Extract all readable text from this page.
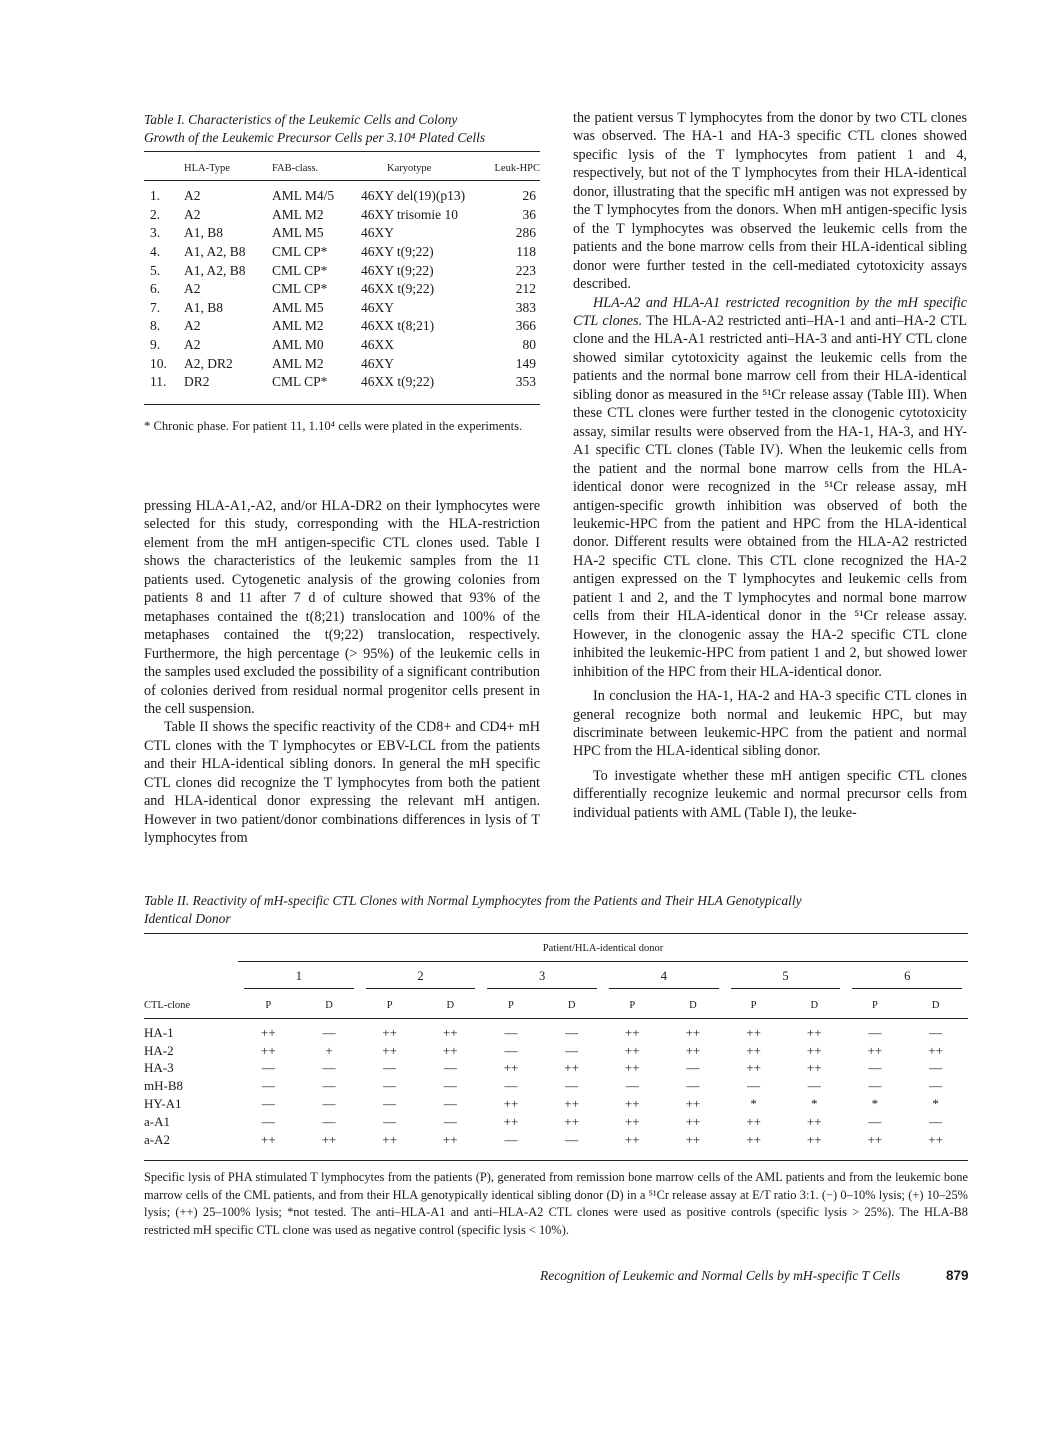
Table I. Characteristics of the Leukemic Cells and Colony
Growth of the Leukemic Precursor Cells per 3.10⁴ Plated Cells
	HLA-Type	FAB-class.	Karyotype	Leuk-HPC

1.	A2	AML M4/5	46XY del(19)(p13)	26
2.	A2	AML M2	46XY trisomie 10	36
3.	A1, B8	AML M5	46XY	286
4.	A1, A2, B8	CML CP*	46XY t(9;22)	118
5.	A1, A2, B8	CML CP*	46XY t(9;22)	223
6.	A2	CML CP*	46XX t(9;22)	212
7.	A1, B8	AML M5	46XY	383
8.	A2	AML M2	46XX t(8;21)	366
9.	A2	AML M0	46XX	80
10.	A2, DR2	AML M2	46XY	149
11.	DR2	CML CP*	46XX t(9;22)	353
* Chronic phase. For patient 11, 1.10⁴ cells were plated in the experiments.

pressing HLA-A1,-A2, and/or HLA-DR2 on their lymphocytes were selected for this study, corresponding with the HLA-restriction element from the mH antigen-specific CTL clones used. Table I shows the characteristics of the leukemic samples from the 11 patients used. Cytogenetic analysis of the growing colonies from patients 8 and 11 after 7 d of culture showed that 93% of the metaphases contained the t(8;21) translocation and 100% of the metaphases contained the t(9;22) translocation, respectively. Furthermore, the high percentage (> 95%) of the leukemic cells in the samples used excluded the possibility of a significant contribution of colonies derived from residual normal progenitor cells present in the cell suspension.

Table II shows the specific reactivity of the CD8+ and CD4+ mH CTL clones with the T lymphocytes or EBV-LCL from the patients and their HLA-identical sibling donors. In general the mH specific CTL clones did recognize the T lymphocytes from both the patient and HLA-identical donor expressing the relevant mH antigen. However in two patient/donor combinations differences in lysis of T lymphocytes from

the patient versus T lymphocytes from the donor by two CTL clones was observed. The HA-1 and HA-3 specific CTL clones showed specific lysis of the T lymphocytes from patient 1 and 4, respectively, but not of the T lymphocytes from their HLA-identical donor, illustrating that the specific mH antigen was not expressed by the T lymphocytes from the donors. When mH antigen-specific lysis of the T lymphocytes was observed the leukemic cells from the patients and the bone marrow cells from their HLA-identical sibling donor were further tested in the cell-mediated cytotoxicity assays described.

HLA-A2 and HLA-A1 restricted recognition by the mH specific CTL clones. The HLA-A2 restricted anti–HA-1 and anti–HA-2 CTL clone and the HLA-A1 restricted anti–HA-3 and anti-HY CTL clone showed similar cytotoxicity against the leukemic cells from the patients and the normal bone marrow cell from their HLA-identical sibling donor as measured in the ⁵¹Cr release assay (Table III). When these CTL clones were further tested in the clonogenic cytotoxicity assay, similar results were observed from the HA-1, HA-3, and HY-A1 specific CTL clones (Table IV). When the leukemic cells from the patient and the normal bone marrow cells from the HLA-identical donor were recognized in the ⁵¹Cr release assay, mH antigen-specific growth inhibition was observed of both the leukemic-HPC from the patient and HPC from the HLA-identical donor. Different results were obtained from the HLA-A2 restricted HA-2 specific CTL clone. This CTL clone recognized the HA-2 antigen expressed on the T lymphocytes and leukemic cells from patient 1 and 2, and the T lymphocytes and normal bone marrow cells from their HLA-identical donor in the ⁵¹Cr release assay. However, in the clonogenic assay the HA-2 specific CTL clone inhibited the leukemic-HPC from patient 1 and 2, but showed lower inhibition of the HPC from their HLA-identical donor.

In conclusion the HA-1, HA-2 and HA-3 specific CTL clones in general recognize both normal and leukemic HPC, but may discriminate between leukemic-HPC from the patient and normal HPC from the HLA-identical sibling donor.

To investigate whether these mH antigen specific CTL clones differentially recognize leukemic and normal precursor cells from individual patients with AML (Table I), the leuke-

Table II. Reactivity of mH-specific CTL Clones with Normal Lymphocytes from the Patients and Their HLA Genotypically
Identical Donor
Patient/HLA-identical donor
1	2	3	4	5	6
CTL-clone	P	D	P	D	P	D	P	D	P	D	P	D

HA-1	++	––	++	++	––	––	++	++	++	++	––	––
HA-2	++	+	++	++	––	––	++	++	++	++	++	++
HA-3	––	––	––	––	++	++	++	––	++	++	––	––
mH-B8	––	––	––	––	––	––	––	––	––	––	––	––
HY-A1	––	––	––	––	++	++	++	++	*	*	*	*
a-A1	––	––	––	––	++	++	++	++	++	++	––	––
a-A2	++	++	++	++	––	––	++	++	++	++	++	++
Specific lysis of PHA stimulated T lymphocytes from the patients (P), generated from remission bone marrow cells of the AML patients and from the leukemic bone marrow cells of the CML patients, and from their HLA genotypically identical sibling donor (D) in a ⁵¹Cr release assay at E/T ratio 3:1. (−) 0–10% lysis; (+) 10–25% lysis; (++) 25–100% lysis; *not tested. The anti–HLA-A1 and anti–HLA-A2 CTL clones were used as positive controls (specific lysis > 25%). The HLA-B8 restricted mH specific CTL clone was used as negative control (specific lysis < 10%).
Recognition of Leukemic and Normal Cells by mH-specific T Cells	879
